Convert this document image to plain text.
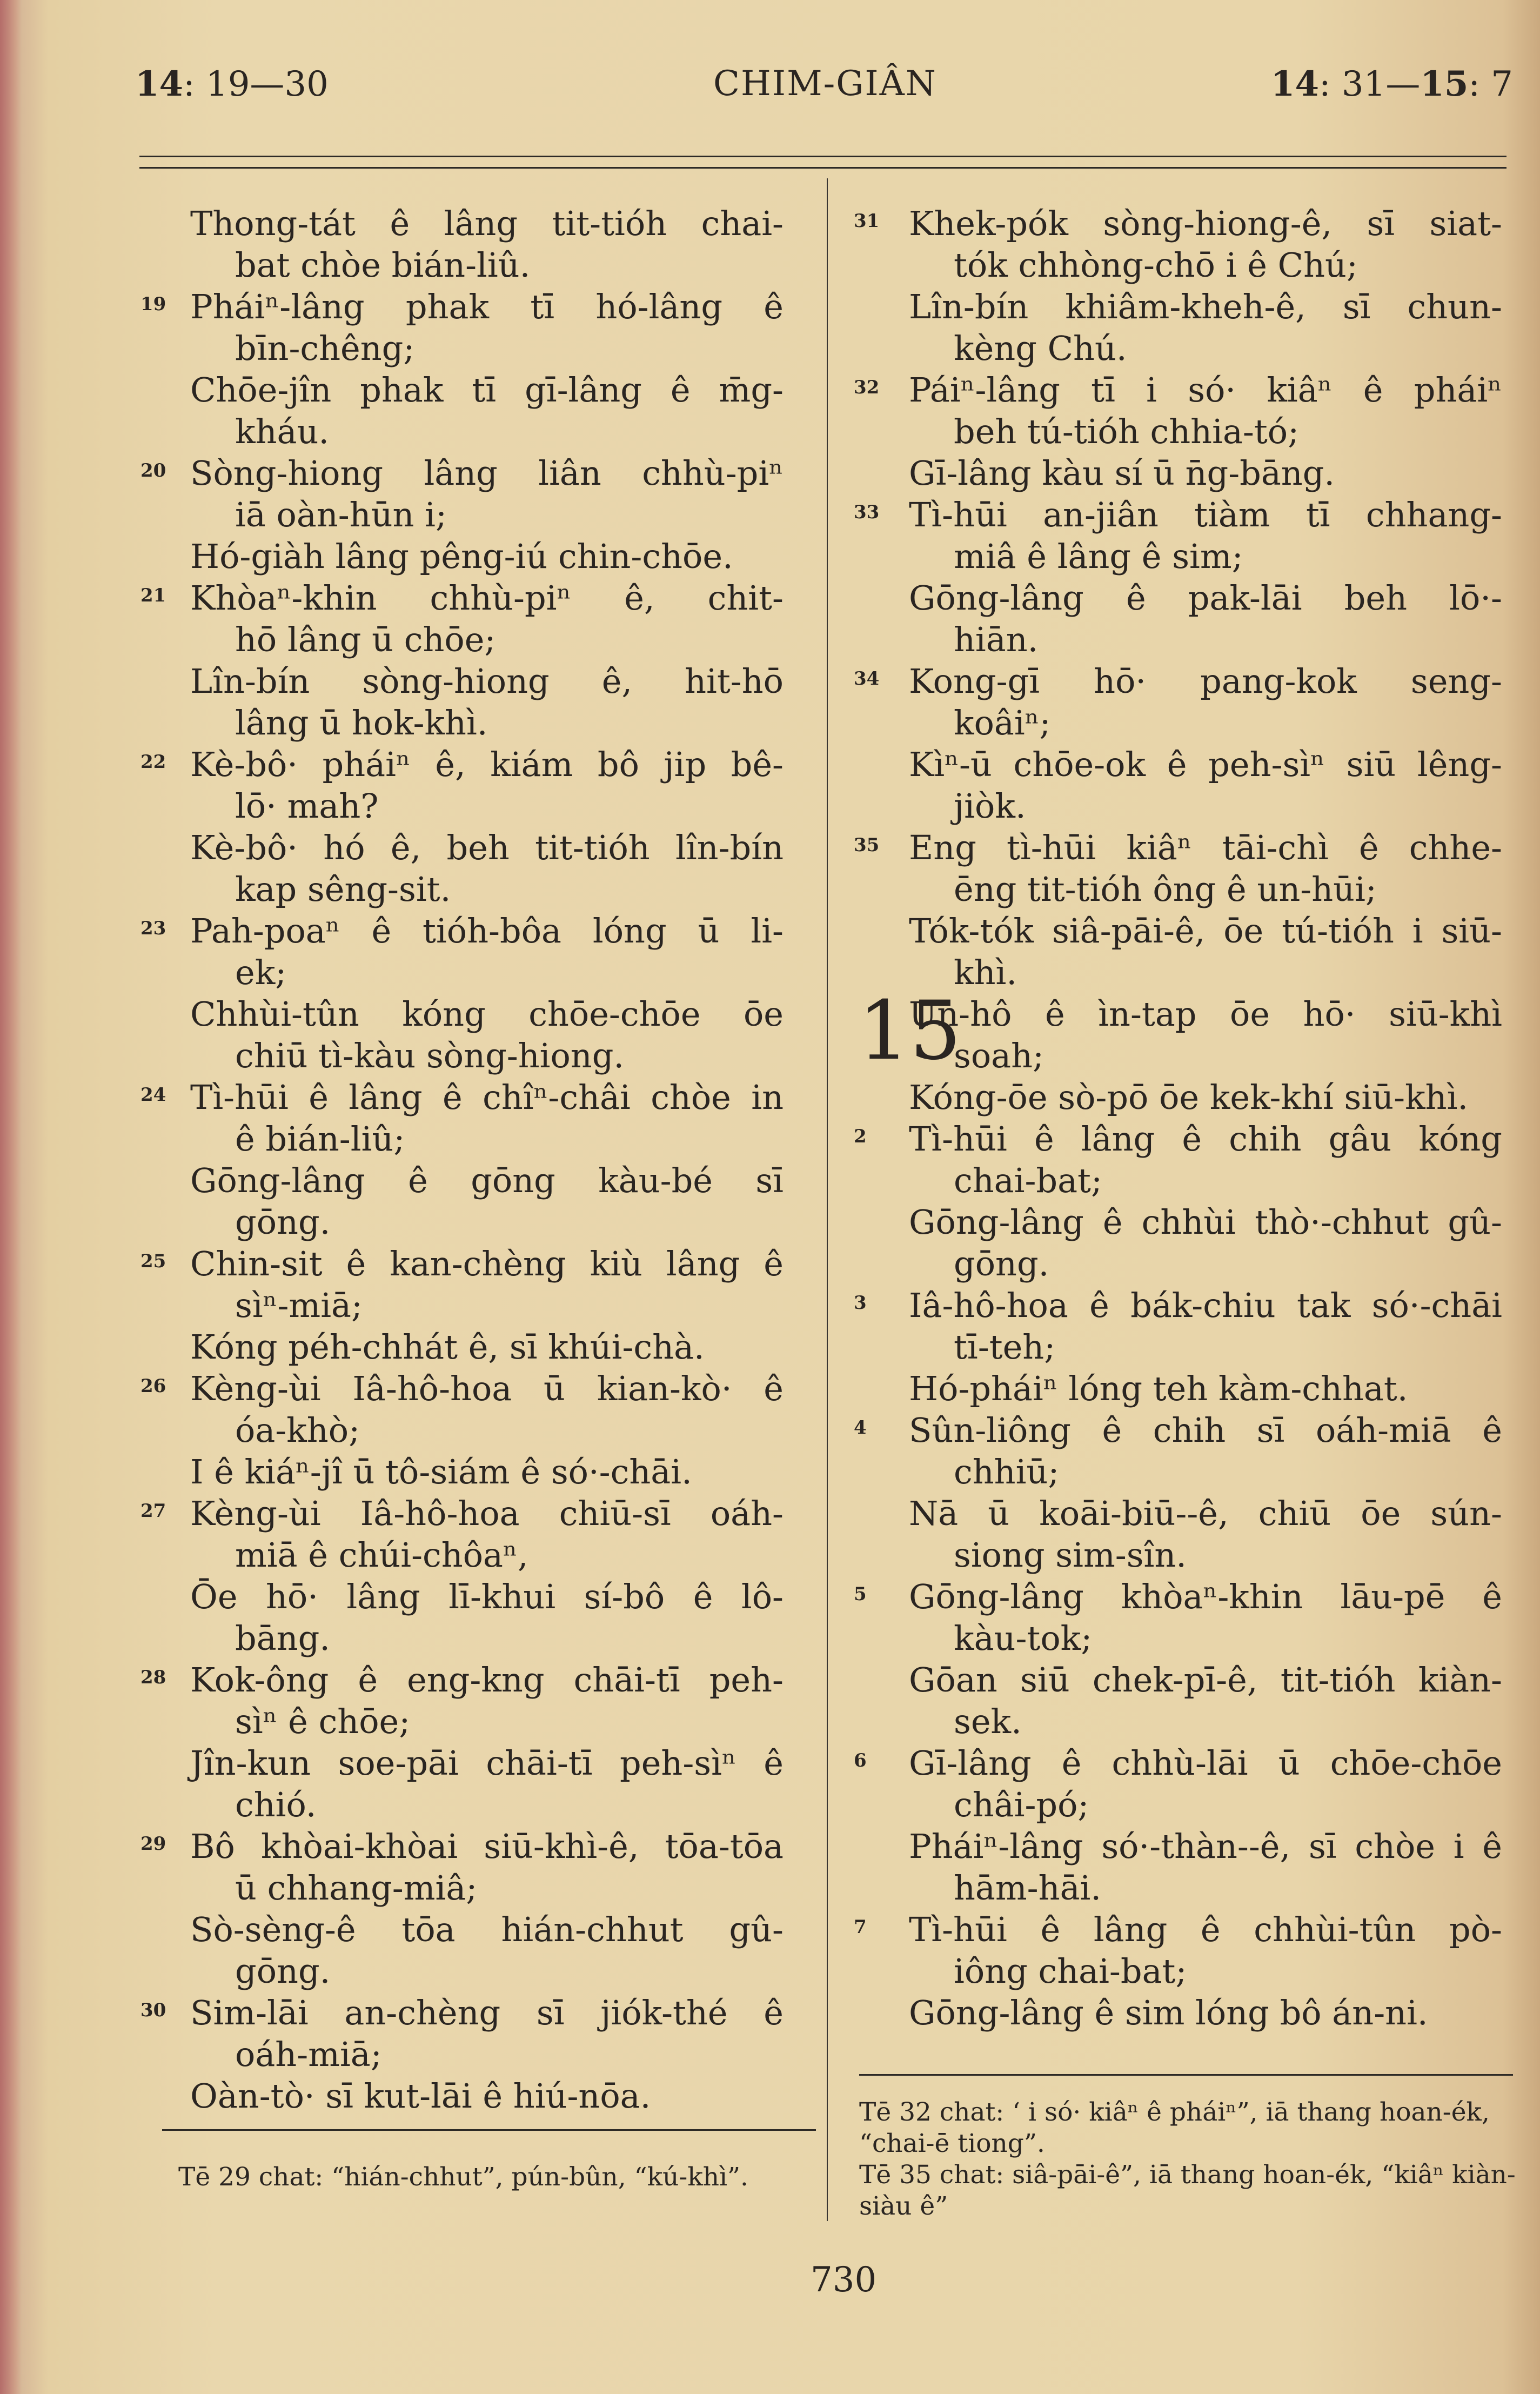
14: 19—30	CHIM-GIÂN	14: 31—15: 7
Thong-tát ê lâng tit-tióh chai-
bat chòe bián-liû.
19 Pháiⁿ-lâng phak tī hó-lâng ê
bīn-chêng;
Chōe-jîn phak tī gī-lâng ê m̄g-
kháu.
20 Sòng-hiong lâng liân chhù-piⁿ
iā oàn-hūn i;
Hó-giàh lâng pêng-iú chin-chōe.
21 Khòaⁿ-khin chhù-piⁿ ê, chit-
hō lâng ū chōe;
Lîn-bín sòng-hiong ê, hit-hō
lâng ū hok-khì.
22 Kè-bô· pháiⁿ ê, kiám bô jip bê-
lō· mah?
Kè-bô· hó ê, beh tit-tióh lîn-bín
kap sêng-sit.
23 Pah-poaⁿ ê tióh-bôa lóng ū li-
ek;
Chhùi-tûn kóng chōe-chōe ōe
chiū tì-kàu sòng-hiong.
24 Tì-hūi ê lâng ê chîⁿ-châi chòe in
ê bián-liû;
Gōng-lâng ê gōng kàu-bé sī
gōng.
25 Chin-sit ê kan-chèng kiù lâng ê
sìⁿ-miā;
Kóng péh-chhát ê, sī khúi-chà.
26 Kèng-ùi Iâ-hô-hoa ū kian-kò· ê
óa-khò;
I ê kiáⁿ-jî ū tô-siám ê só·-chāi.
27 Kèng-ùi Iâ-hô-hoa chiū-sī oáh-
miā ê chúi-chôaⁿ,
Ōe hō· lâng lī-khui sí-bô ê lô-
bāng.
28 Kok-ông ê eng-kng chāi-tī peh-
sìⁿ ê chōe;
Jîn-kun soe-pāi chāi-tī peh-sìⁿ ê
chió.
29 Bô khòai-khòai siū-khì-ê, tōa-tōa
ū chhang-miâ;
Sò-sèng-ê tōa hián-chhut gû-
gōng.
30 Sim-lāi an-chèng sī jiók-thé ê
oáh-miā;
Oàn-tò· sī kut-lāi ê hiú-nōa.
31 Khek-pók sòng-hiong-ê, sī siat-
tók chhòng-chō i ê Chú;
Lîn-bín khiâm-kheh-ê, sī chun-
kèng Chú.
32 Páiⁿ-lâng tī i só· kiâⁿ ê pháiⁿ
beh tú-tióh chhia-tó;
Gī-lâng kàu sí ū n̄g-bāng.
33 Tì-hūi an-jiân tiàm tī chhang-
miâ ê lâng ê sim;
Gōng-lâng ê pak-lāi beh lō·-
hiān.
34 Kong-gī hō· pang-kok seng-
koâiⁿ;
Kìⁿ-ū chōe-ok ê peh-sìⁿ siū lêng-
jiòk.
35 Eng tì-hūi kiâⁿ tāi-chì ê chhe-
ēng tit-tióh ông ê un-hūi;
Tók-tók siâ-pāi-ê, ōe tú-tióh i siū-
khì.
15
Un-hô ê ìn-tap ōe hō· siū-khì
soah;
Kóng-ōe sò-pō ōe kek-khí siū-khì.
2 Tì-hūi ê lâng ê chih gâu kóng
chai-bat;
Gōng-lâng ê chhùi thò·-chhut gû-
gōng.
3 Iâ-hô-hoa ê bák-chiu tak só·-chāi
tī-teh;
Hó-pháiⁿ lóng teh kàm-chhat.
4 Sûn-liông ê chih sī oáh-miā ê
chhiū;
Nā ū koāi-biū--ê, chiū ōe sún-
siong sim-sîn.
5 Gōng-lâng khòaⁿ-khin lāu-pē ê
kàu-tok;
Gōan siū chek-pī-ê, tit-tióh kiàn-
sek.
6 Gī-lâng ê chhù-lāi ū chōe-chōe
châi-pó;
Pháiⁿ-lâng só·-thàn--ê, sī chòe i ê
hām-hāi.
7 Tì-hūi ê lâng ê chhùi-tûn pò-
iông chai-bat;
Gōng-lâng ê sim lóng bô án-ni.
Tē 29 chat: “hián-chhut”, pún-bûn, “kú-khì”.
Tē 32 chat: ‘ i só· kiâⁿ ê pháiⁿ”, iā thang hoan-ék, “chai-ē tiong”.
Tē 35 chat: siâ-pāi-ê”, iā thang hoan-ék, “kiâⁿ kiàn-siàu ê”
730
